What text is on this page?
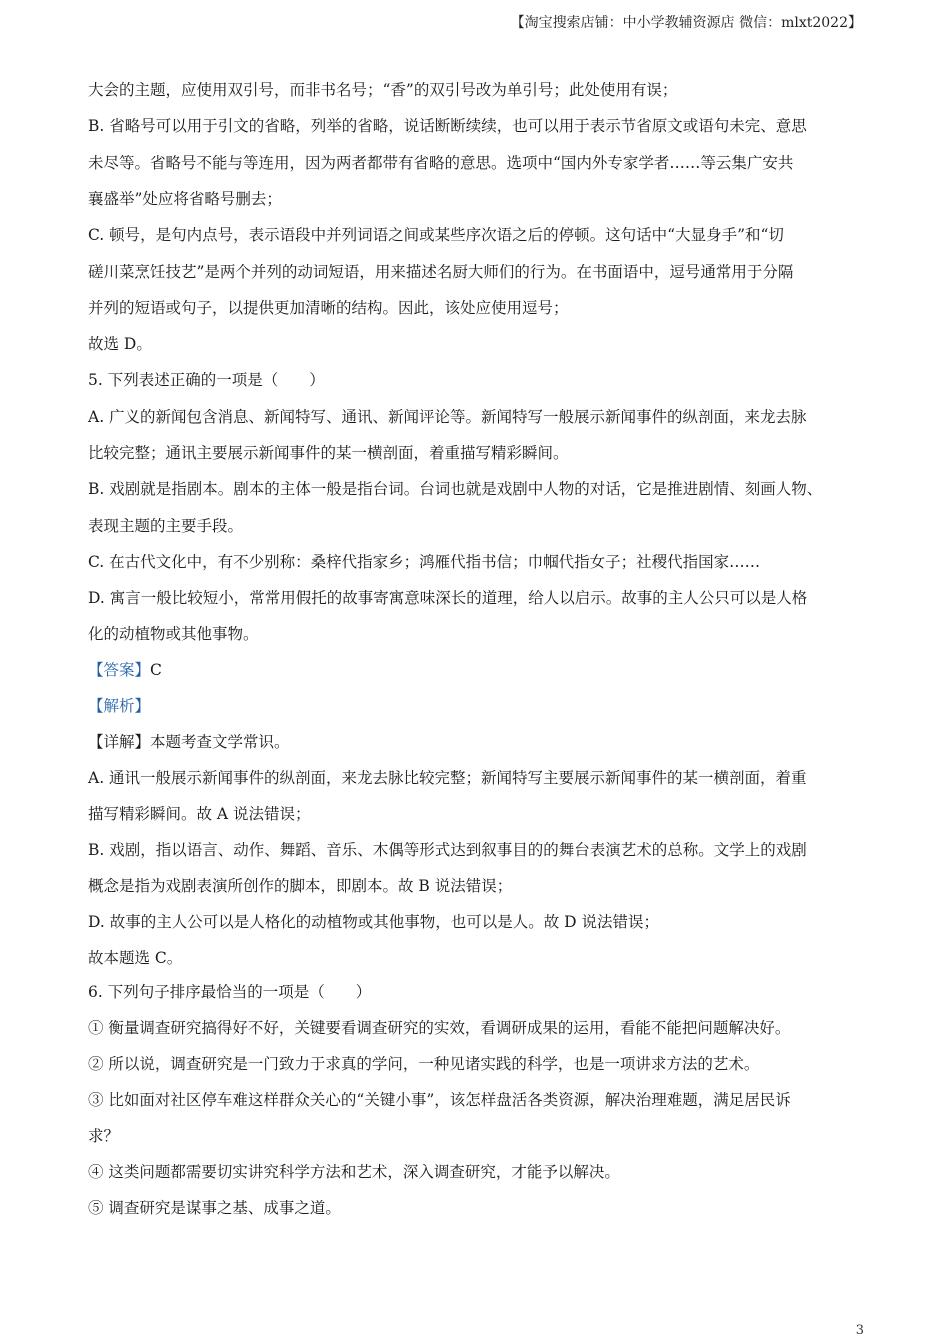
【淘宝搜索店铺：中小学教辅资源店 微信：mlxt2022】
大会的主题，应使用双引号，而非书名号；“香”的双引号改为单引号；此处使用有误；
B. 省略号可以用于引文的省略，列举的省略，说话断断续续，也可以用于表示节省原文或语句未完、意思
未尽等。省略号不能与等连用，因为两者都带有省略的意思。选项中“国内外专家学者……等云集广安共
襄盛举”处应将省略号删去；
C. 顿号，是句内点号，表示语段中并列词语之间或某些序次语之后的停顿。这句话中“大显身手”和“切
磋川菜烹饪技艺”是两个并列的动词短语，用来描述名厨大师们的行为。在书面语中，逗号通常用于分隔
并列的短语或句子，以提供更加清晰的结构。因此，该处应使用逗号；
故选 D。
5. 下列表述正确的一项是（　　）
A. 广义的新闻包含消息、新闻特写、通讯、新闻评论等。新闻特写一般展示新闻事件的纵剖面，来龙去脉
比较完整；通讯主要展示新闻事件的某一横剖面，着重描写精彩瞬间。
B. 戏剧就是指剧本。剧本的主体一般是指台词。台词也就是戏剧中人物的对话，它是推进剧情、刻画人物、
表现主题的主要手段。
C. 在古代文化中，有不少别称：桑梓代指家乡；鸿雁代指书信；巾帼代指女子；社稷代指国家……
D. 寓言一般比较短小，常常用假托的故事寄寓意味深长的道理，给人以启示。故事的主人公只可以是人格
化的动植物或其他事物。
【答案】C
【解析】
【详解】本题考查文学常识。
A. 通讯一般展示新闻事件的纵剖面，来龙去脉比较完整；新闻特写主要展示新闻事件的某一横剖面，着重
描写精彩瞬间。故 A 说法错误；
B. 戏剧，指以语言、动作、舞蹈、音乐、木偶等形式达到叙事目的的舞台表演艺术的总称。文学上的戏剧
概念是指为戏剧表演所创作的脚本，即剧本。故 B 说法错误；
D. 故事的主人公可以是人格化的动植物或其他事物，也可以是人。故 D 说法错误；
故本题选 C。
6. 下列句子排序最恰当的一项是（　　）
① 衡量调查研究搞得好不好，关键要看调查研究的实效，看调研成果的运用，看能不能把问题解决好。
② 所以说，调查研究是一门致力于求真的学问，一种见诸实践的科学，也是一项讲求方法的艺术。
③ 比如面对社区停车难这样群众关心的“关键小事”，该怎样盘活各类资源，解决治理难题，满足居民诉
求？
④ 这类问题都需要切实讲究科学方法和艺术，深入调查研究，才能予以解决。
⑤ 调查研究是谋事之基、成事之道。
3
